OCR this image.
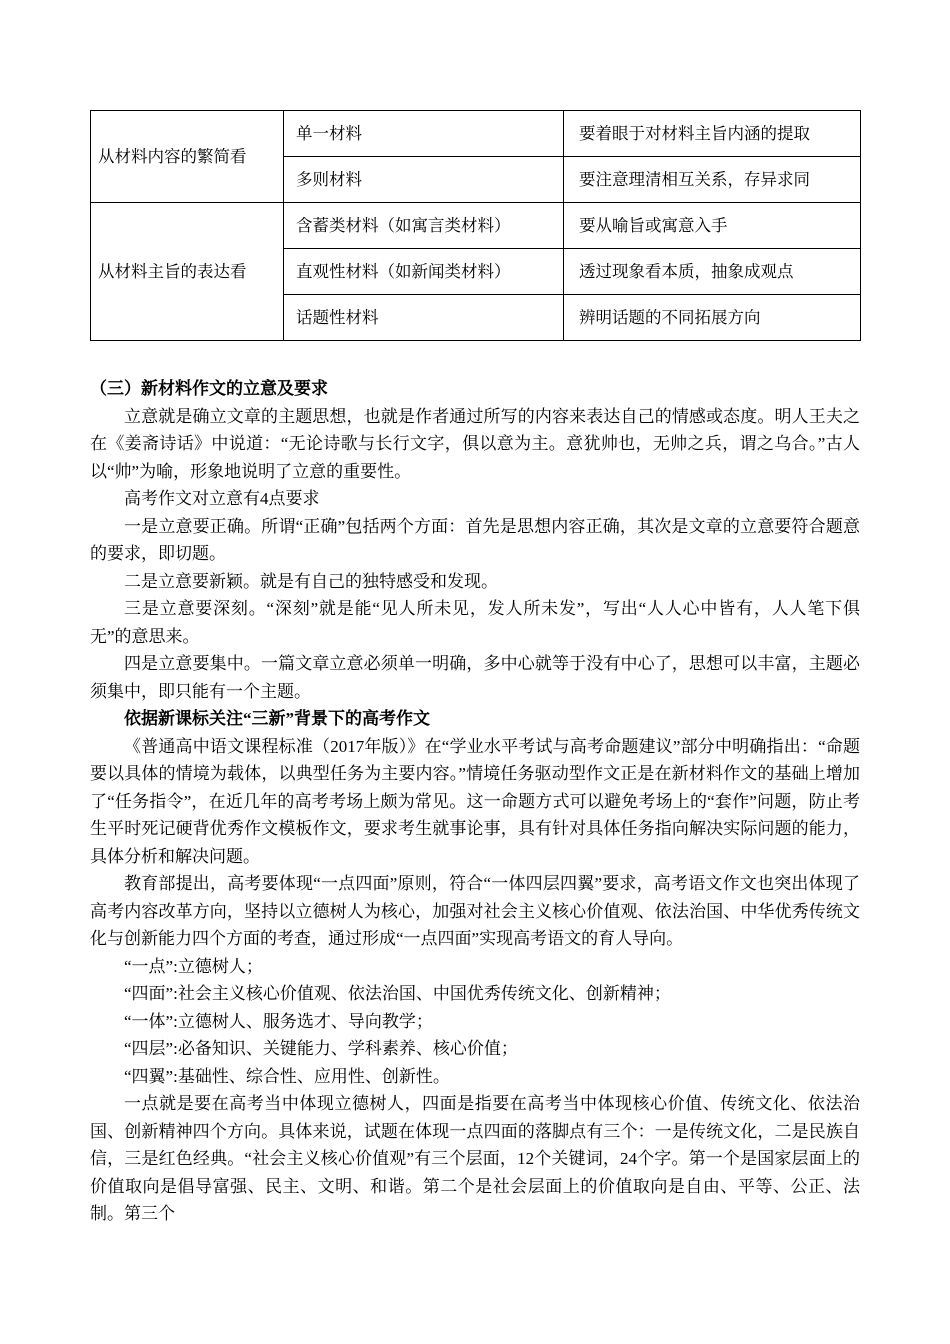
从材料内容的繁简看	单一材料	要着眼于对材料主旨内涵的提取
	多则材料	要注意理清相互关系，存异求同
从材料主旨的表达看	含蓄类材料（如寓言类材料）	要从喻旨或寓意入手
	直观性材料（如新闻类材料）	透过现象看本质，抽象成观点
	话题性材料	辨明话题的不同拓展方向

（三）新材料作文的立意及要求

立意就是确立文章的主题思想，也就是作者通过所写的内容来表达自己的情感或态度。明人王夫之在《姜斋诗话》中说道：“无论诗歌与长行文字，俱以意为主。意犹帅也，无帅之兵，谓之乌合。”古人以“帅”为喻，形象地说明了立意的重要性。

高考作文对立意有4点要求

一是立意要正确。所谓“正确”包括两个方面：首先是思想内容正确，其次是文章的立意要符合题意的要求，即切题。

二是立意要新颖。就是有自己的独特感受和发现。

三是立意要深刻。“深刻”就是能“见人所未见，发人所未发”，写出“人人心中皆有，人人笔下俱无”的意思来。

四是立意要集中。一篇文章立意必须单一明确，多中心就等于没有中心了，思想可以丰富，主题必须集中，即只能有一个主题。

依据新课标关注“三新”背景下的高考作文

《普通高中语文课程标准（2017年版）》在“学业水平考试与高考命题建议”部分中明确指出：“命题要以具体的情境为载体，以典型任务为主要内容。”情境任务驱动型作文正是在新材料作文的基础上增加了“任务指令”，在近几年的高考考场上颇为常见。这一命题方式可以避免考场上的“套作”问题，防止考生平时死记硬背优秀作文模板作文，要求考生就事论事，具有针对具体任务指向解决实际问题的能力，具体分析和解决问题。

教育部提出，高考要体现“一点四面”原则，符合“一体四层四翼”要求，高考语文作文也突出体现了高考内容改革方向，坚持以立德树人为核心，加强对社会主义核心价值观、依法治国、中华优秀传统文化与创新能力四个方面的考查，通过形成“一点四面”实现高考语文的育人导向。

“一点”:立德树人；

“四面”:社会主义核心价值观、依法治国、中国优秀传统文化、创新精神；

“一体”:立德树人、服务选才、导向教学；

“四层”:必备知识、关键能力、学科素养、核心价值；

“四翼”:基础性、综合性、应用性、创新性。

一点就是要在高考当中体现立德树人，四面是指要在高考当中体现核心价值、传统文化、依法治国、创新精神四个方向。具体来说，试题在体现一点四面的落脚点有三个：一是传统文化，二是民族自信，三是红色经典。“社会主义核心价值观”有三个层面，12个关键词，24个字。第一个是国家层面上的价值取向是倡导富强、民主、文明、和谐。第二个是社会层面上的价值取向是自由、平等、公正、法制。第三个
